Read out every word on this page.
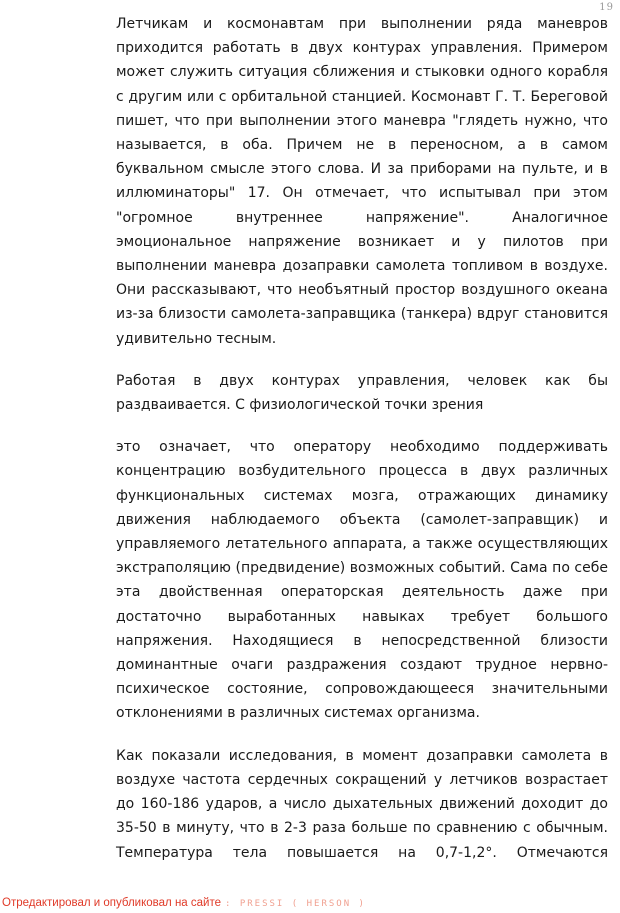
19

Летчикам и космонавтам при выполнении ряда маневров приходится работать в двух контурах управления. Примером может служить ситуация сближения и стыковки одного корабля с другим или с орбитальной станцией. Космонавт Г. Т. Береговой пишет, что при выполнении этого маневра "глядеть нужно, что называется, в оба. Причем не в переносном, а в самом буквальном смысле этого слова. И за приборами на пульте, и в иллюминаторы" 17. Он отмечает, что испытывал при этом "огромное внутреннее напряжение". Аналогичное эмоциональное напряжение возникает и у пилотов при выполнении маневра дозаправки самолета топливом в воздухе. Они рассказывают, что необъятный простор воздушного океана из-за близости самолета-заправщика (танкера) вдруг становится удивительно тесным.

Работая в двух контурах управления, человек как бы раздваивается. С физиологической точки зрения

это означает, что оператору необходимо поддерживать концентрацию возбудительного процесса в двух различных функциональных системах мозга, отражающих динамику движения наблюдаемого объекта (самолет-заправщик) и управляемого летательного аппарата, а также осуществляющих экстраполяцию (предвидение) возможных событий. Сама по себе эта двойственная операторская деятельность даже при достаточно выработанных навыках требует большого напряжения. Находящиеся в непосредственной близости доминантные очаги раздражения создают трудное нервно-психическое состояние, сопровождающееся значительными отклонениями в различных системах организма.

Как показали исследования, в момент дозаправки самолета в воздухе частота сердечных сокращений у летчиков возрастает до 160-186 ударов, а число дыхательных движений доходит до 35-50 в минуту, что в 2-3 раза больше по сравнению с обычным. Температура тела повышается на 0,7-1,2°. Отмечаются

Отредактировал и опубликовал на сайте : PRESSI ( HERSON )
